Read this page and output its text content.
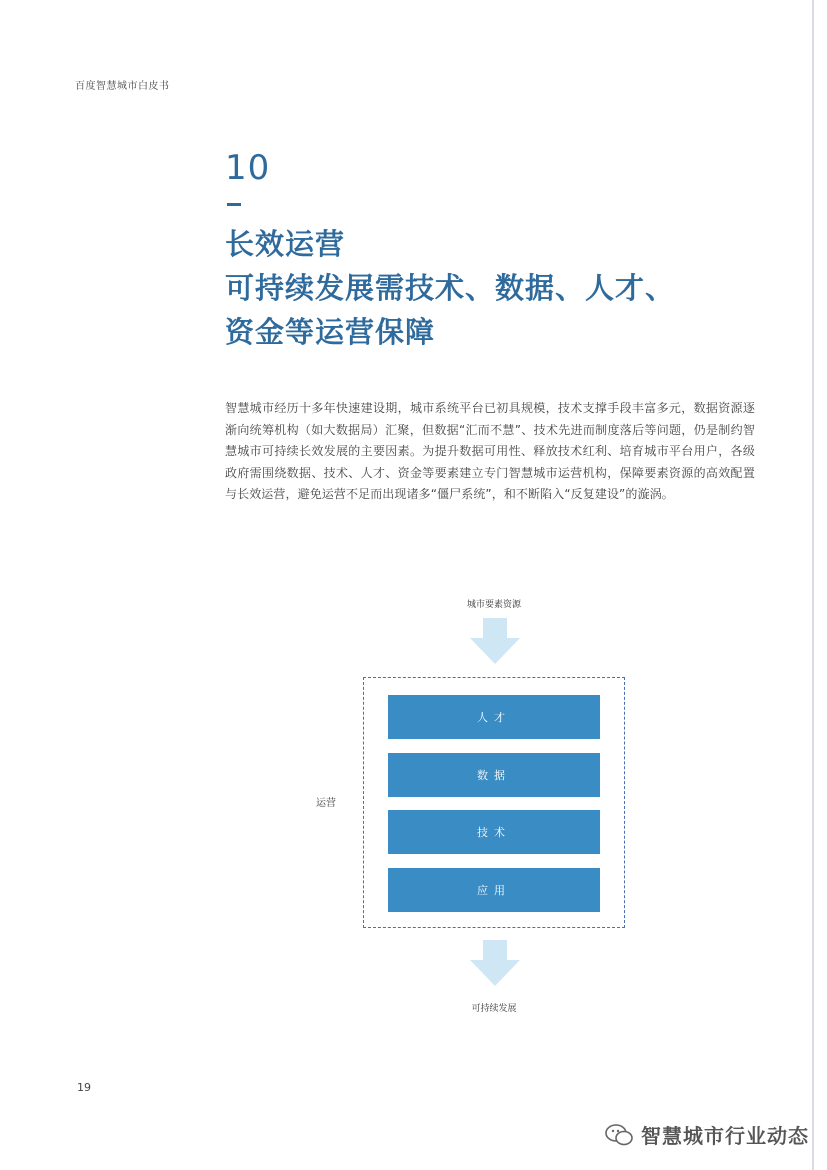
百度智慧城市白皮书
10
长效运营
可持续发展需技术、数据、人才、
资金等运营保障
智慧城市经历十多年快速建设期，城市系统平台已初具规模，技术支撑手段丰富多元，数据资源逐渐向统筹机构（如大数据局）汇聚，但数据“汇而不慧”、技术先进而制度落后等问题，仍是制约智慧城市可持续长效发展的主要因素。为提升数据可用性、释放技术红利、培育城市平台用户，各级政府需围绕数据、技术、人才、资金等要素建立专门智慧城市运营机构，保障要素资源的高效配置与长效运营，避免运营不足而出现诸多“僵尸系统”，和不断陷入“反复建设”的漩涡。
城市要素资源
人才
数据
技术
应用
运营
可持续发展
19
智慧城市行业动态
